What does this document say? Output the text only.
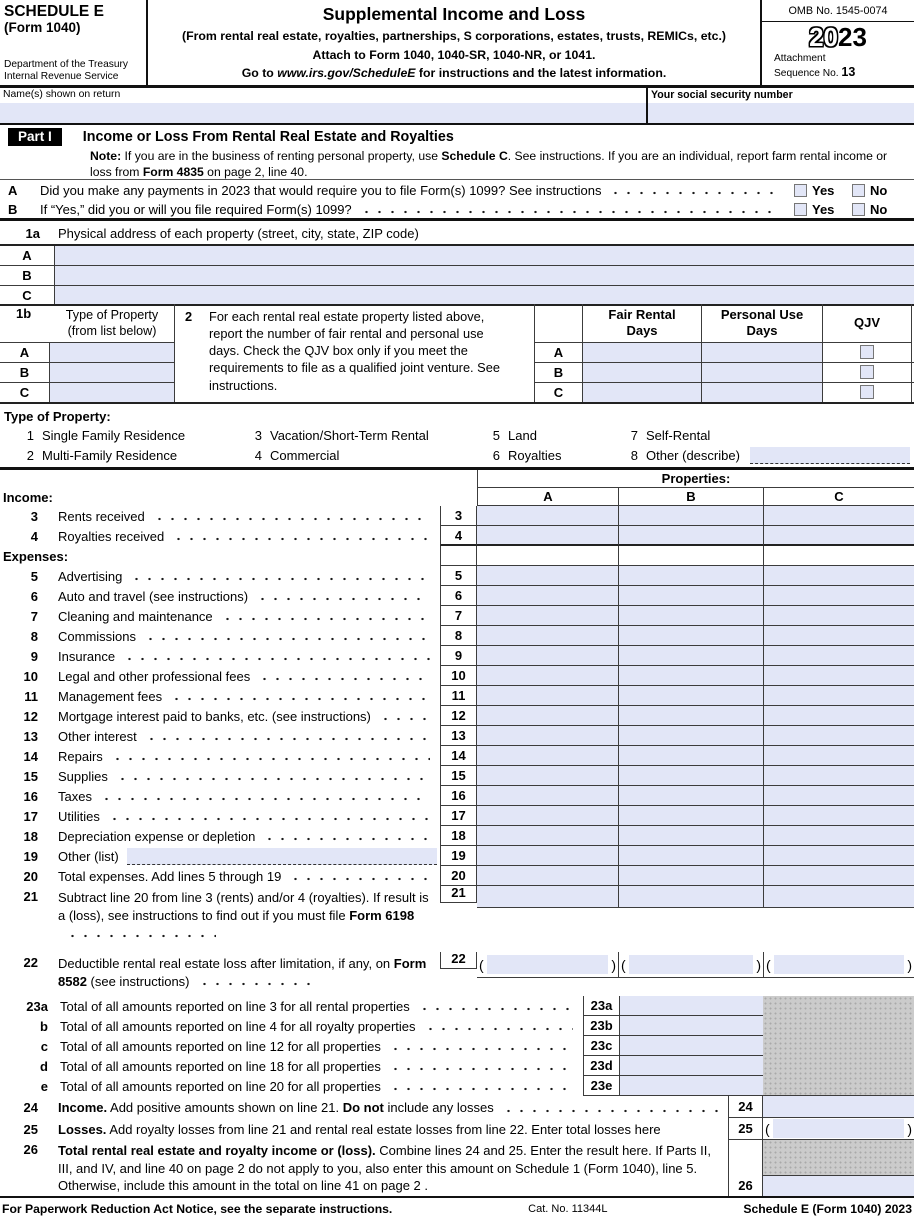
SCHEDULE E
(Form 1040)
Department of the Treasury
Internal Revenue Service
Supplemental Income and Loss
(From rental real estate, royalties, partnerships, S corporations, estates, trusts, REMICs, etc.)
Attach to Form 1040, 1040-SR, 1040-NR, or 1041.
Go to www.irs.gov/ScheduleE for instructions and the latest information.
OMB No. 1545-0074
2023
Attachment
Sequence No. 13
Name(s) shown on return	Your social security number
Part I	Income or Loss From Rental Real Estate and Royalties
Note: If you are in the business of renting personal property, use Schedule C. See instructions. If you are an individual, report farm rental income or loss from Form 4835 on page 2, line 40.
A	Did you make any payments in 2023 that would require you to file Form(s) 1099? See instructions	Yes	No
B	If “Yes,” did you or will you file required Form(s) 1099?	Yes	No
1a Physical address of each property (street, city, state, ZIP code)
A
B
C
1b	Type of Property
(from list below)
A
B
C
2	For each rental real estate property listed above, report the number of fair rental and personal use days. Check the QJV box only if you meet the requirements to file as a qualified joint venture. See instructions.
Fair Rental
Days
Personal Use
Days
QJV
A
B
C
Type of Property:
1 Single Family Residence
2 Multi-Family Residence
3 Vacation/Short-Term Rental
4 Commercial
5 Land
6 Royalties
7 Self-Rental
8 Other (describe)
Properties:
Income:	A	B	C
3 Rents received	3
4 Royalties received	4
Expenses:
5 Advertising	5
6 Auto and travel (see instructions)	6
7 Cleaning and maintenance	7
8 Commissions	8
9 Insurance	9
10 Legal and other professional fees	10
11 Management fees	11
12 Mortgage interest paid to banks, etc. (see instructions)	12
13 Other interest	13
14 Repairs	14
15 Supplies	15
16 Taxes	16
17 Utilities	17
18 Depreciation expense or depletion	18
19 Other (list)	19
20 Total expenses. Add lines 5 through 19	20
21 Subtract line 20 from line 3 (rents) and/or 4 (royalties). If result is a (loss), see instructions to find out if you must file Form 6198
21
22 Deductible rental real estate loss after limitation, if any, on Form 8582 (see instructions)
22 (	) (	) (	)
23a Total of all amounts reported on line 3 for all rental properties	23a
b Total of all amounts reported on line 4 for all royalty properties	23b
c Total of all amounts reported on line 12 for all properties	23c
d Total of all amounts reported on line 18 for all properties	23d
e Total of all amounts reported on line 20 for all properties	23e
24 Income. Add positive amounts shown on line 21. Do not include any losses	24
25 Losses. Add royalty losses from line 21 and rental real estate losses from line 22. Enter total losses here	25 (	)
26 Total rental real estate and royalty income or (loss). Combine lines 24 and 25. Enter the result here. If Parts II, III, and IV, and line 40 on page 2 do not apply to you, also enter this amount on Schedule 1 (Form 1040), line 5. Otherwise, include this amount in the total on line 41 on page 2 .	26
For Paperwork Reduction Act Notice, see the separate instructions.	Cat. No. 11344L	Schedule E (Form 1040) 2023
